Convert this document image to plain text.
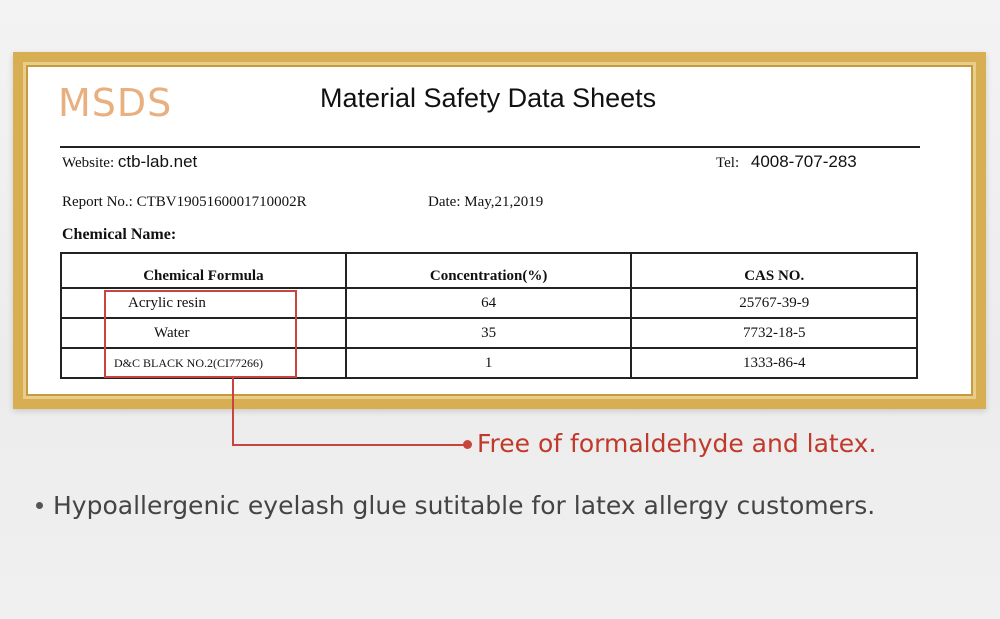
MSDS	Material Safety Data Sheets
Website: ctb-lab.net	Tel: 4008-707-283
Report No.: CTBV1905160001710002R	Date: May,21,2019
Chemical Name:
Chemical Formula	Concentration(%)	CAS NO.
Acrylic resin	64	25767-39-9
Water	35	7732-18-5
D&C BLACK NO.2(CI77266)	1	1333-86-4
Free of formaldehyde and latex.
Hypoallergenic eyelash glue sutitable for latex allergy customers.
